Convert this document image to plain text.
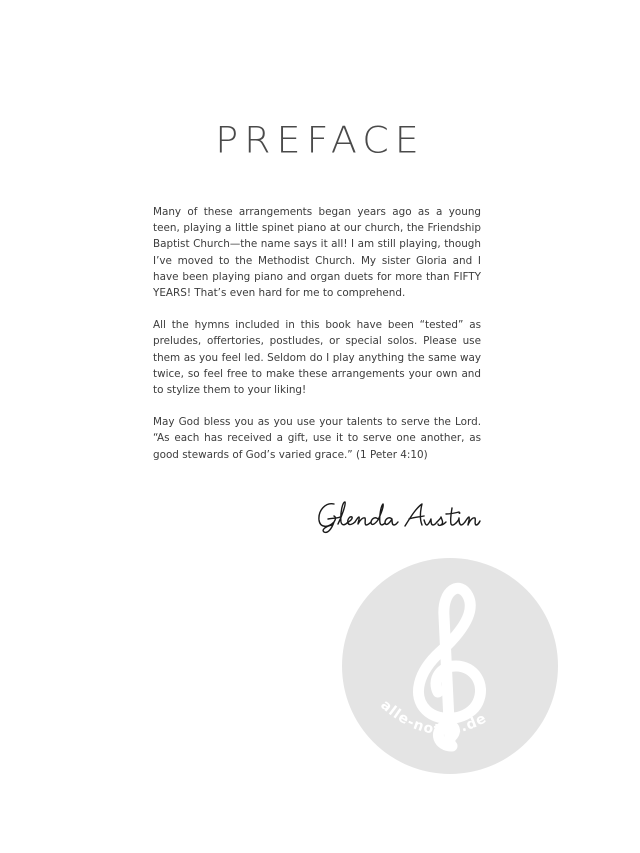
PREFACE

Many of these arrangements began years ago as a young teen, playing a little spinet piano at our church, the Friendship Baptist Church—the name says it all! I am still playing, though I’ve moved to the Methodist Church. My sister Gloria and I have been playing piano and organ duets for more than FIFTY YEARS! That’s even hard for me to comprehend.

All the hymns included in this book have been “tested” as preludes, offertories, postludes, or special solos. Please use them as you feel led. Seldom do I play anything the same way twice, so feel free to make these arrangements your own and to stylize them to your liking!

May God bless you as you use your talents to serve the Lord. “As each has received a gift, use it to serve one another, as good stewards of God’s varied grace.” (1 Peter 4:10)

alle-noten.de
